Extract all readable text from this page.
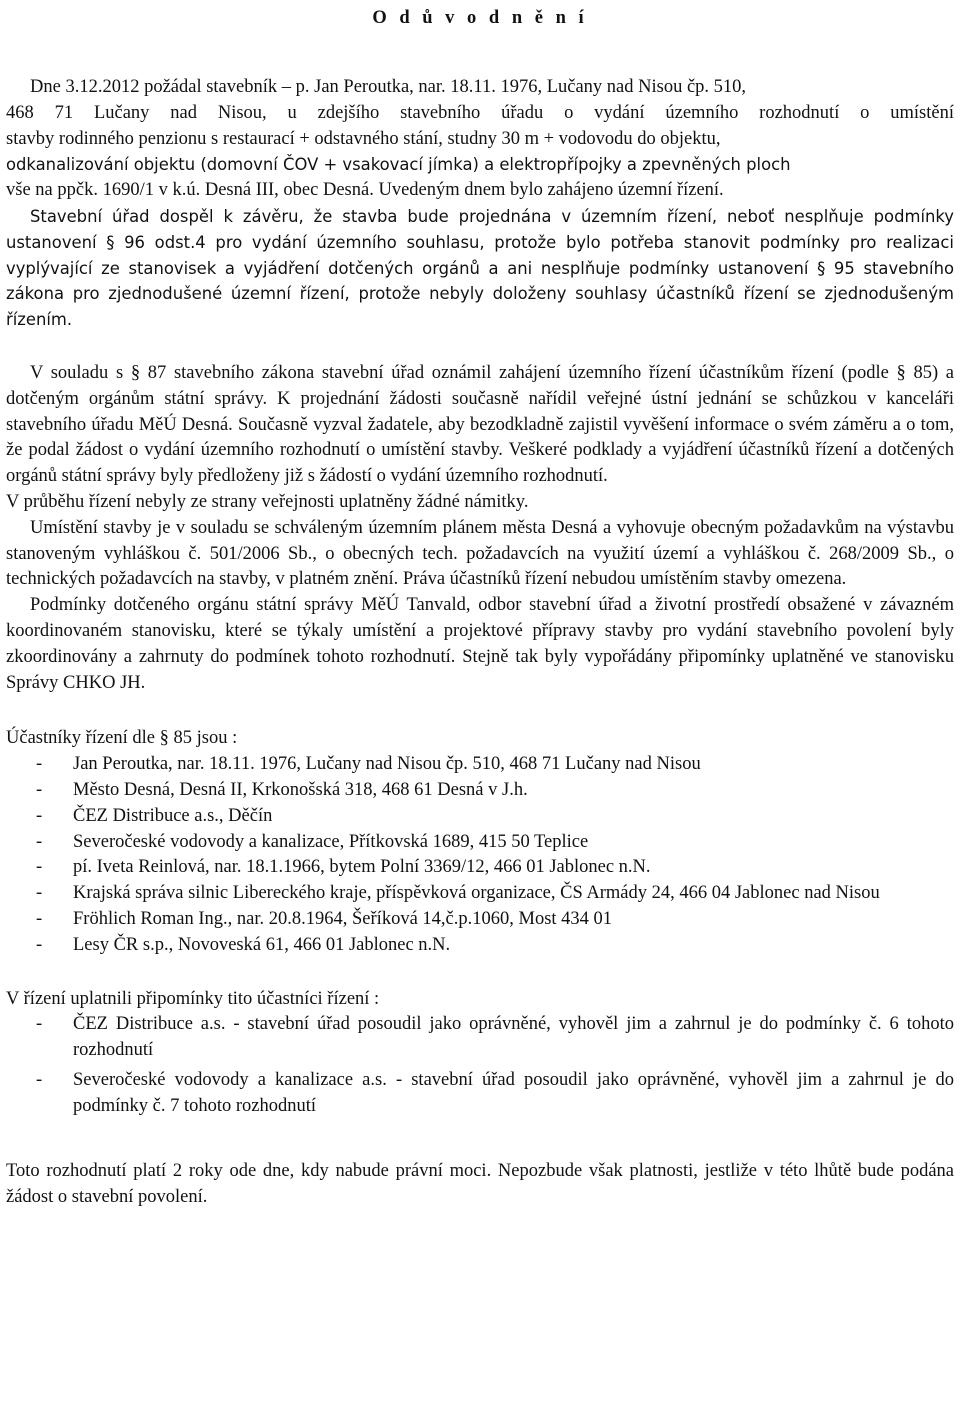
O d ů v o d n ě n í

Dne 3.12.2012 požádal stavebník – p. Jan Peroutka, nar. 18.11. 1976, Lučany nad Nisou čp. 510,

468 71 Lučany nad Nisou, u zdejšího stavebního úřadu o vydání územního rozhodnutí o umístění

stavby rodinného penzionu s restaurací + odstavného stání, studny 30 m + vodovodu do objektu,

odkanalizování objektu (domovní ČOV + vsakovací jímka) a elektropřípojky a zpevněných ploch

vše na ppčk. 1690/1 v k.ú. Desná III, obec Desná. Uvedeným dnem bylo zahájeno územní řízení.

Stavební úřad dospěl k závěru, že stavba bude projednána v územním řízení, neboť nesplňuje podmínky ustanovení § 96 odst.4 pro vydání územního souhlasu, protože bylo potřeba stanovit podmínky pro realizaci vyplývající ze stanovisek a vyjádření dotčených orgánů a ani nesplňuje podmínky ustanovení § 95 stavebního zákona pro zjednodušené územní řízení, protože nebyly doloženy souhlasy účastníků řízení se zjednodušeným řízením.

V souladu s § 87 stavebního zákona stavební úřad oznámil zahájení územního řízení účastníkům řízení (podle § 85) a dotčeným orgánům státní správy. K projednání žádosti současně nařídil veřejné ústní jednání se schůzkou v kanceláři stavebního úřadu MěÚ Desná. Současně vyzval žadatele, aby bezodkladně zajistil vyvěšení informace o svém záměru a o tom, že podal žádost o vydání územního rozhodnutí o umístění stavby. Veškeré podklady a vyjádření účastníků řízení a dotčených orgánů státní správy byly předloženy již s žádostí o vydání územního rozhodnutí.

V průběhu řízení nebyly ze strany veřejnosti uplatněny žádné námitky.

Umístění stavby je v souladu se schváleným územním plánem města Desná a vyhovuje obecným požadavkům na výstavbu stanoveným vyhláškou č. 501/2006 Sb., o obecných tech. požadavcích na využití území a vyhláškou č. 268/2009 Sb., o technických požadavcích na stavby, v platném znění. Práva účastníků řízení nebudou umístěním stavby omezena.

Podmínky dotčeného orgánu státní správy MěÚ Tanvald, odbor stavební úřad a životní prostředí obsažené v závazném koordinovaném stanovisku, které se týkaly umístění a projektové přípravy stavby pro vydání stavebního povolení byly zkoordinovány a zahrnuty do podmínek tohoto rozhodnutí. Stejně tak byly vypořádány připomínky uplatněné ve stanovisku Správy CHKO JH.

Účastníky řízení dle § 85 jsou :

- Jan Peroutka, nar. 18.11. 1976, Lučany nad Nisou čp. 510, 468 71 Lučany nad Nisou
- Město Desná, Desná II, Krkonošská 318, 468 61 Desná v J.h.
- ČEZ Distribuce a.s., Děčín
- Severočeské vodovody a kanalizace, Přítkovská 1689, 415 50 Teplice
- pí. Iveta Reinlová, nar. 18.1.1966, bytem Polní 3369/12, 466 01 Jablonec n.N.
- Krajská správa silnic Libereckého kraje, příspěvková organizace, ČS Armády 24, 466 04 Jablonec nad Nisou
- Fröhlich Roman Ing., nar. 20.8.1964, Šeříková 14,č.p.1060, Most 434 01
- Lesy ČR s.p., Novoveská 61, 466 01 Jablonec n.N.

V řízení uplatnili připomínky tito účastníci řízení :

- ČEZ Distribuce a.s. - stavební úřad posoudil jako oprávněné, vyhověl jim a zahrnul je do podmínky č. 6 tohoto rozhodnutí
- Severočeské vodovody a kanalizace a.s. - stavební úřad posoudil jako oprávněné, vyhověl jim a zahrnul je do podmínky č. 7 tohoto rozhodnutí

Toto rozhodnutí platí 2 roky ode dne, kdy nabude právní moci. Nepozbude však platnosti, jestliže v této lhůtě bude podána žádost o stavební povolení.
